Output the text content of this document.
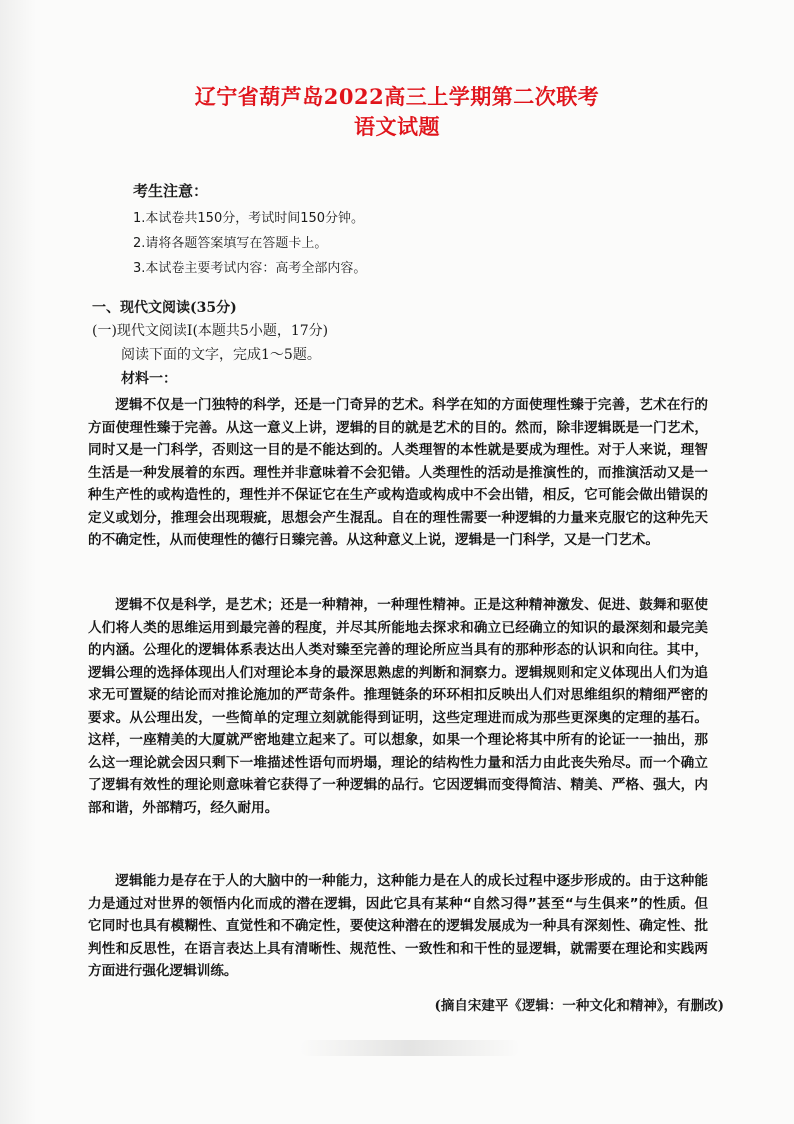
辽宁省葫芦岛2022高三上学期第二次联考
语文试题
考生注意：
1.本试卷共150分，考试时间150分钟。
2.请将各题答案填写在答题卡上。
3.本试卷主要考试内容：高考全部内容。
一、现代文阅读(35分)
(一)现代文阅读Ⅰ(本题共5小题，17分)
阅读下面的文字，完成1～5题。
材料一：

逻辑不仅是一门独特的科学，还是一门奇异的艺术。科学在知的方面使理性臻于完善，艺术在行的方面使理性臻于完善。从这一意义上讲，逻辑的目的就是艺术的目的。然而，除非逻辑既是一门艺术，同时又是一门科学，否则这一目的是不能达到的。人类理智的本性就是要成为理性。对于人来说，理智生活是一种发展着的东西。理性并非意味着不会犯错。人类理性的活动是推演性的，而推演活动又是一种生产性的或构造性的，理性并不保证它在生产或构造或构成中不会出错，相反，它可能会做出错误的定义或划分，推理会出现瑕疵，思想会产生混乱。自在的理性需要一种逻辑的力量来克服它的这种先天的不确定性，从而使理性的德行日臻完善。从这种意义上说，逻辑是一门科学，又是一门艺术。

逻辑不仅是科学，是艺术；还是一种精神，一种理性精神。正是这种精神激发、促进、鼓舞和驱使人们将人类的思维运用到最完善的程度，并尽其所能地去探求和确立已经确立的知识的最深刻和最完美的内涵。公理化的逻辑体系表达出人类对臻至完善的理论所应当具有的那种形态的认识和向往。其中，逻辑公理的选择体现出人们对理论本身的最深思熟虑的判断和洞察力。逻辑规则和定义体现出人们为追求无可置疑的结论而对推论施加的严苛条件。推理链条的环环相扣反映出人们对思维组织的精细严密的要求。从公理出发，一些简单的定理立刻就能得到证明，这些定理进而成为那些更深奥的定理的基石。这样，一座精美的大厦就严密地建立起来了。可以想象，如果一个理论将其中所有的论证一一抽出，那么这一理论就会因只剩下一堆描述性语句而坍塌，理论的结构性力量和活力由此丧失殆尽。而一个确立了逻辑有效性的理论则意味着它获得了一种逻辑的品行。它因逻辑而变得简洁、精美、严格、强大，内部和谐，外部精巧，经久耐用。

逻辑能力是存在于人的大脑中的一种能力，这种能力是在人的成长过程中逐步形成的。由于这种能力是通过对世界的领悟内化而成的潜在逻辑，因此它具有某种“自然习得”甚至“与生俱来”的性质。但它同时也具有模糊性、直觉性和不确定性，要使这种潜在的逻辑发展成为一种具有深刻性、确定性、批判性和反思性，在语言表达上具有清晰性、规范性、一致性和和干性的显逻辑，就需要在理论和实践两方面进行强化逻辑训练。

(摘自宋建平《逻辑：一种文化和精神》，有删改)
